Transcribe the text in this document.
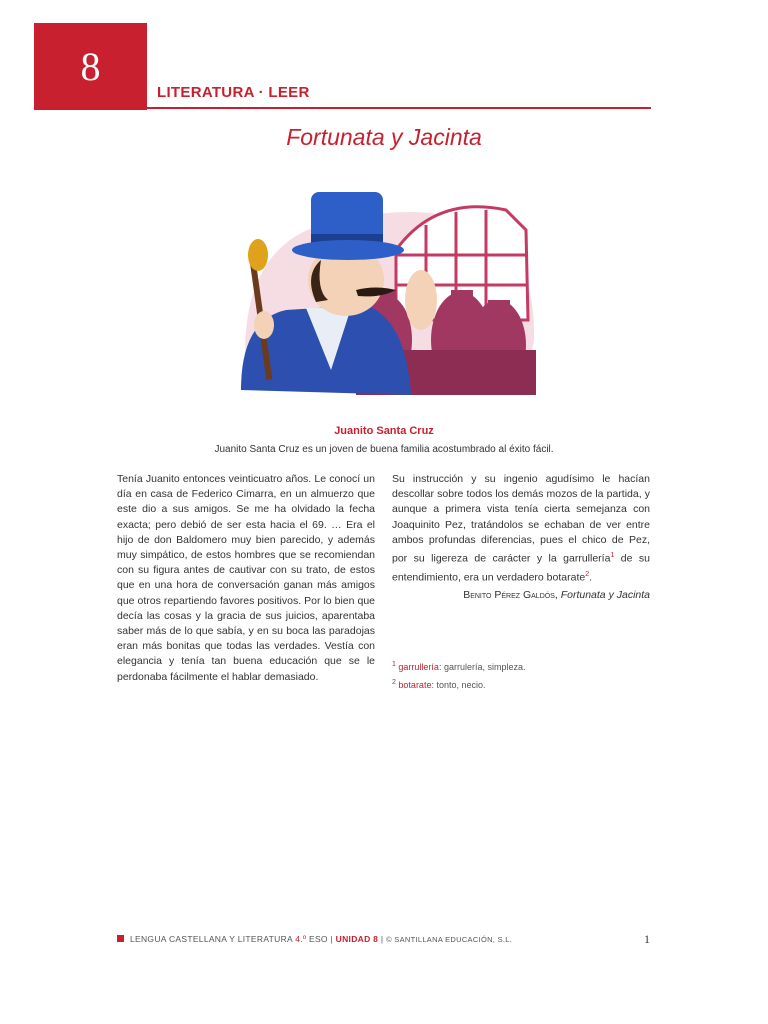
8
LITERATURA · LEER
Fortunata y Jacinta
Juanito Santa Cruz
Juanito Santa Cruz es un joven de buena familia acostumbrado al éxito fácil.
Tenía Juanito entonces veinticuatro años. Le conocí un día en casa de Federico Cimarra, en un almuerzo que este dio a sus amigos. Se me ha olvidado la fecha exacta; pero debió de ser esta hacia el 69. … Era el hijo de don Baldomero muy bien parecido, y además muy simpático, de estos hombres que se recomiendan con su figura antes de cautivar con su trato, de estos que en una hora de conversación ganan más amigos que otros repartiendo favores positivos. Por lo bien que decía las cosas y la gracia de sus juicios, aparentaba saber más de lo que sabía, y en su boca las paradojas eran más bonitas que todas las verdades. Vestía con elegancia y tenía tan buena educación que se le perdonaba fácilmente el hablar demasiado.
Su instrucción y su ingenio agudísimo le hacían descollar sobre todos los demás mozos de la partida, y aunque a primera vista tenía cierta semejanza con Joaquinito Pez, tratándolos se echaban de ver entre ambos profundas diferencias, pues el chico de Pez, por su ligereza de carácter y la garrullería$^1$ de su entendimiento, era un verdadero botarate$^2$.
Benito Pérez Galdós, Fortunata y Jacinta
$^1$ garrullería: garrulería, simpleza.
$^2$ botarate: tonto, necio.
LENGUA CASTELLANA Y LITERATURA 4.º ESO | UNIDAD 8 | © SANTILLANA EDUCACIÓN, S.L.	1
